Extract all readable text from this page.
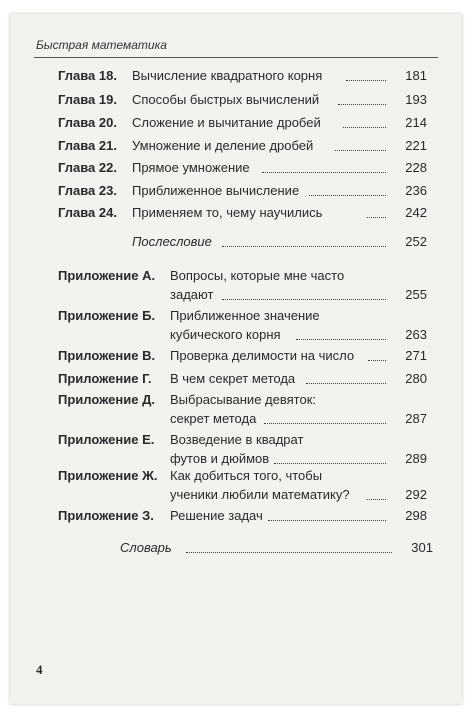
Быстрая математика
Глава 18. Вычисление квадратного корня	181
Глава 19. Способы быстрых вычислений	193
Глава 20. Сложение и вычитание дробей	214
Глава 21. Умножение и деление дробей	221
Глава 22. Прямое умножение	228
Глава 23. Приближенное вычисление	236
Глава 24. Применяем то, чему научились	242
Послесловие	252
Приложение А. Вопросы, которые мне часто
задают	255
Приложение Б. Приближенное значение
кубического корня	263
Приложение В. Проверка делимости на число	271
Приложение Г. В чем секрет метода	280
Приложение Д. Выбрасывание девяток:
секрет метода	287
Приложение Е. Возведение в квадрат
футов и дюймов	289
Приложение Ж. Как добиться того, чтобы
ученики любили математику?	292
Приложение З. Решение задач	298
Словарь	301
4
